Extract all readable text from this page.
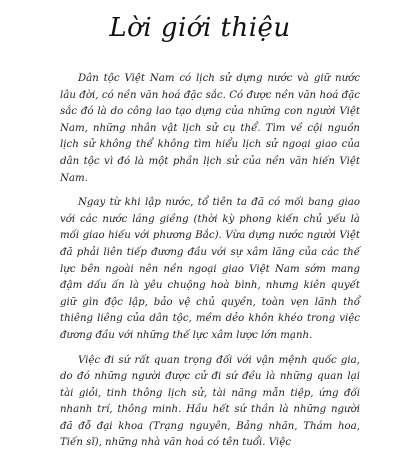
Lời giới thiệu

Dân tộc Việt Nam có lịch sử dựng nước và giữ nước lâu đời, có nền văn hoá đặc sắc. Có được nền văn hoá đặc sắc đó là do công lao tạo dựng của những con người Việt Nam, những nhân vật lịch sử cụ thể. Tìm về cội nguồn lịch sử không thể không tìm hiểu lịch sử ngoại giao của dân tộc vì đó là một phần lịch sử của nền văn hiến Việt Nam.

Ngay từ khi lập nước, tổ tiên ta đã có mối bang giao với các nước láng giềng (thời kỳ phong kiến chủ yếu là mối giao hiếu với phương Bắc). Vừa dựng nước người Việt đã phải liên tiếp đương đầu với sự xâm lăng của các thế lực bên ngoài nên nền ngoại giao Việt Nam sớm mang đậm dấu ấn là yêu chuộng hoà bình, nhưng kiên quyết giữ gìn độc lập, bảo vệ chủ quyền, toàn vẹn lãnh thổ thiêng liêng của dân tộc, mềm dẻo khôn khéo trong việc đương đầu với những thế lực xâm lược lớn mạnh.

Việc đi sứ rất quan trọng đối với vận mệnh quốc gia, do đó những người được cử đi sứ đều là những quan lại tài giỏi, tinh thông lịch sử, tài năng mẫn tiệp, ứng đối nhanh trí, thông minh. Hầu hết sứ thần là những người đã đỗ đại khoa (Trạng nguyên, Bảng nhãn, Thám hoa, Tiến sĩ), những nhà văn hoá có tên tuổi. Việc
